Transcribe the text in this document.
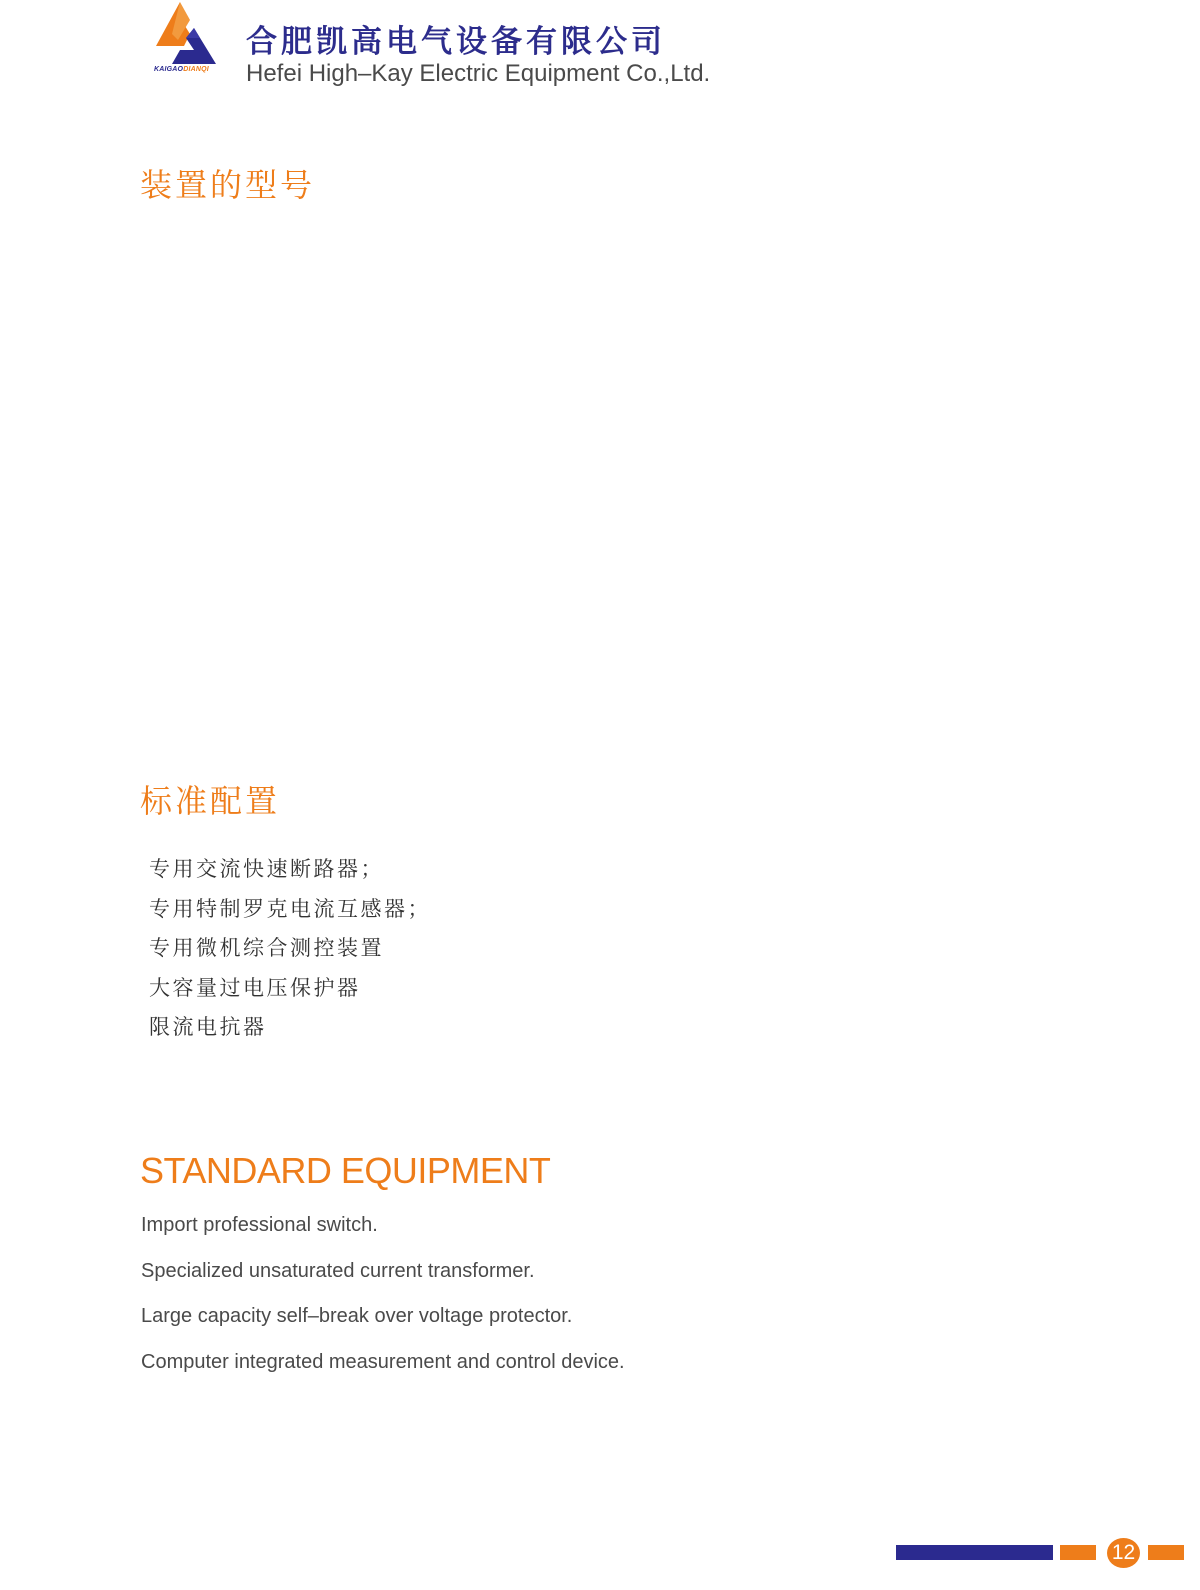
KAIGAODIANQI
合肥凯高电气设备有限公司
Hefei High–Kay Electric Equipment Co.,Ltd.
装置的型号
标准配置
专用交流快速断路器；
专用特制罗克电流互感器；
专用微机综合测控装置
大容量过电压保护器
限流电抗器
STANDARD EQUIPMENT
Import professional switch.
Specialized unsaturated current transformer.
Large capacity self–break over voltage protector.
Computer integrated measurement and control device.
12
